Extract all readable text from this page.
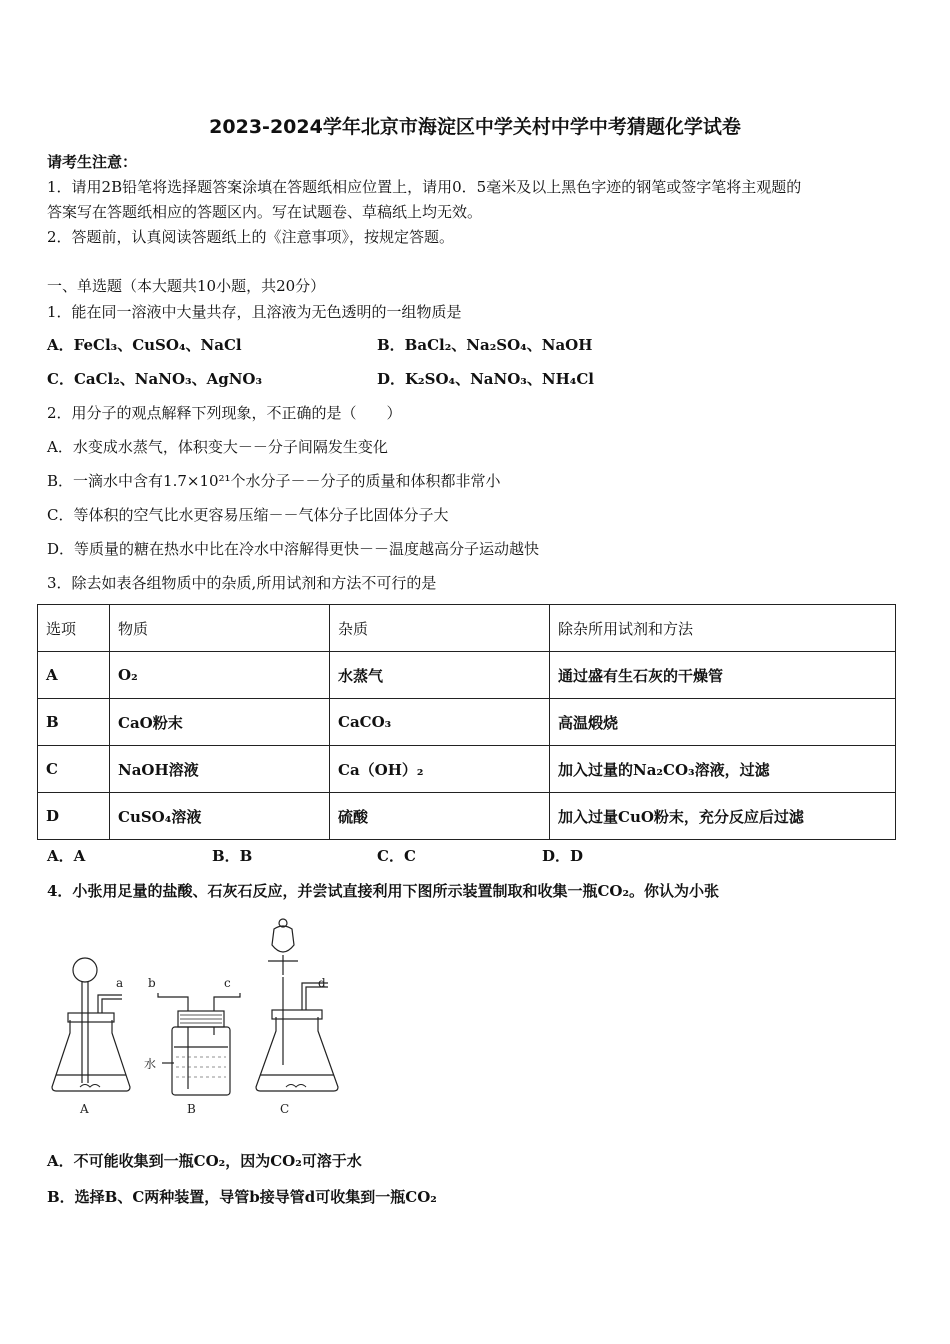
2023-2024学年北京市海淀区中学关村中学中考猜题化学试卷
请考生注意：
1．请用2B铅笔将选择题答案涂填在答题纸相应位置上，请用0．5毫米及以上黑色字迹的钢笔或签字笔将主观题的
答案写在答题纸相应的答题区内。写在试题卷、草稿纸上均无效。
2．答题前，认真阅读答题纸上的《注意事项》，按规定答题。
一、单选题（本大题共10小题，共20分）
1．能在同一溶液中大量共存，且溶液为无色透明的一组物质是
A．FeCl₃、CuSO₄、NaCl	B．BaCl₂、Na₂SO₄、NaOH
C．CaCl₂、NaNO₃、AgNO₃	D．K₂SO₄、NaNO₃、NH₄Cl
2．用分子的观点解释下列现象，不正确的是（　　）
A．水变成水蒸气，体积变大－－分子间隔发生变化
B．一滴水中含有1.7×10²¹个水分子－－分子的质量和体积都非常小
C．等体积的空气比水更容易压缩－－气体分子比固体分子大
D．等质量的糖在热水中比在冷水中溶解得更快－－温度越高分子运动越快
3．除去如表各组物质中的杂质,所用试剂和方法不可行的是
选项	物质	杂质	除杂所用试剂和方法
A	O₂	水蒸气	通过盛有生石灰的干燥管
B	CaO粉末	CaCO₃	高温煅烧
C	NaOH溶液	Ca（OH）₂	加入过量的Na₂CO₃溶液，过滤
D	CuSO₄溶液	硫酸	加入过量CuO粉末，充分反应后过滤
A．A	B．B	C．C	D．D
4．小张用足量的盐酸、石灰石反应，并尝试直接利用下图所示装置制取和收集一瓶CO₂。你认为小张
a b	c	d
水
A	B	C
A．不可能收集到一瓶CO₂，因为CO₂可溶于水
B．选择B、C两种装置，导管b接导管d可收集到一瓶CO₂
